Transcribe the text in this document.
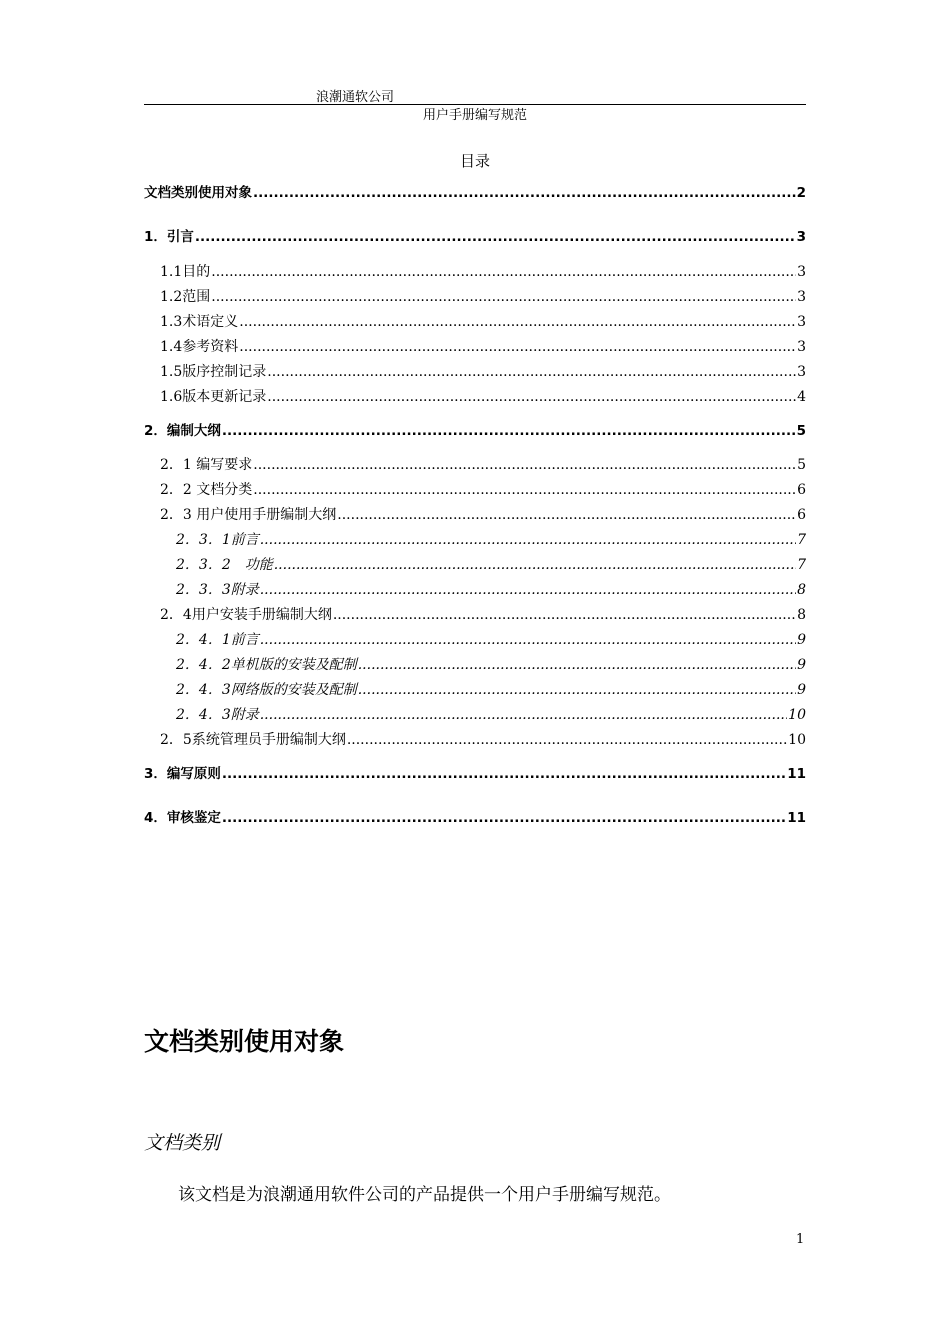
浪潮通软公司
用户手册编写规范
目录
文档类别使用对象 .....	2
1．引言 .....	3
1.1目的 .....	3
1.2范围 .....	3
1.3术语定义 .....	3
1.4参考资料 .....	3
1.5版序控制记录 .....	3
1.6版本更新记录 .....	4
2．编制大纲 .....	5
2．1 编写要求 .....	5
2．2 文档分类 .....	6
2．3 用户使用手册编制大纲 .....	6
2．3．1前言 .....	7
2．3．2　功能 .....	7
2．3．3附录 .....	8
2．4用户安装手册编制大纲 .....	8
2．4．1前言 .....	9
2．4．2单机版的安装及配制 .....	9
2．4．3网络版的安装及配制 .....	9
2．4．3附录 .....	10
2．5系统管理员手册编制大纲 .....	10
3．编写原则 .....	11
4．审核鉴定 .....	11
文档类别使用对象
文档类别
该文档是为浪潮通用软件公司的产品提供一个用户手册编写规范。
1
